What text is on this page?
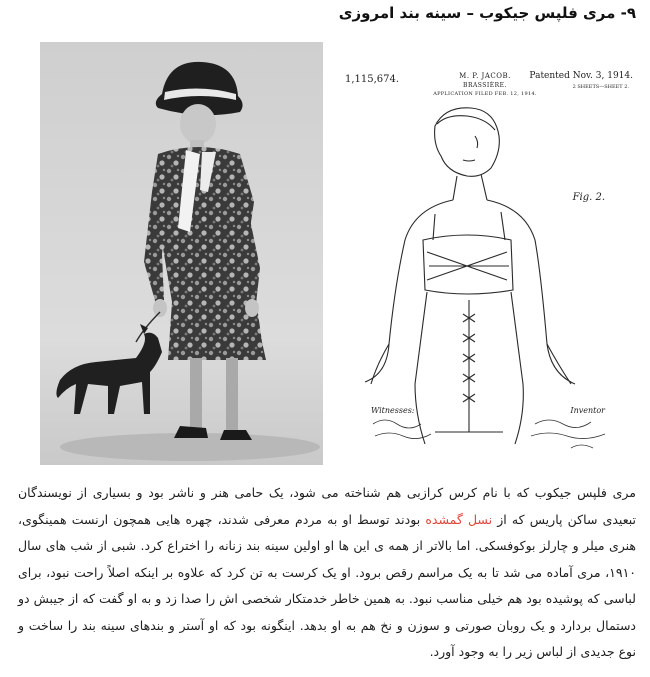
۹- مری فلپس جیکوب – سینه بند امروزی
M. P. JACOB.
BRASSIÈRE.
APPLICATION FILED FEB. 12, 1914.
1,115,674.	Patented Nov. 3, 1914.
2 SHEETS—SHEET 2.
Fig. 2.
Witnesses:	Inventor
مری فلپس جیکوب که با نام کرس کرازبی هم شناخته می شود، یک حامی هنر و ناشر بود و بسیاری از نویسندگان تبعیدی ساکن پاریس که از نسل گمشده بودند توسط او به مردم معرفی شدند، چهره هایی همچون ارنست همینگوی، هنری میلر و چارلز بوکوفسکی. اما بالاتر از همه ی این ها او اولین سینه بند زنانه را اختراع کرد. شبی از شب های سال ۱۹۱۰، مری آماده می شد تا به یک مراسم رقص برود. او یک کرست به تن کرد که علاوه بر اینکه اصلاً راحت نبود، برای لباسی که پوشیده بود هم خیلی مناسب نبود. به همین خاطر خدمتکار شخصی اش را صدا زد و به او گفت که از جیبش دو دستمال بردارد و یک روبان صورتی و سوزن و نخ هم به او بدهد. اینگونه بود که او آستر و بندهای سینه بند را ساخت و نوع جدیدی از لباس زیر را به وجود آورد.
